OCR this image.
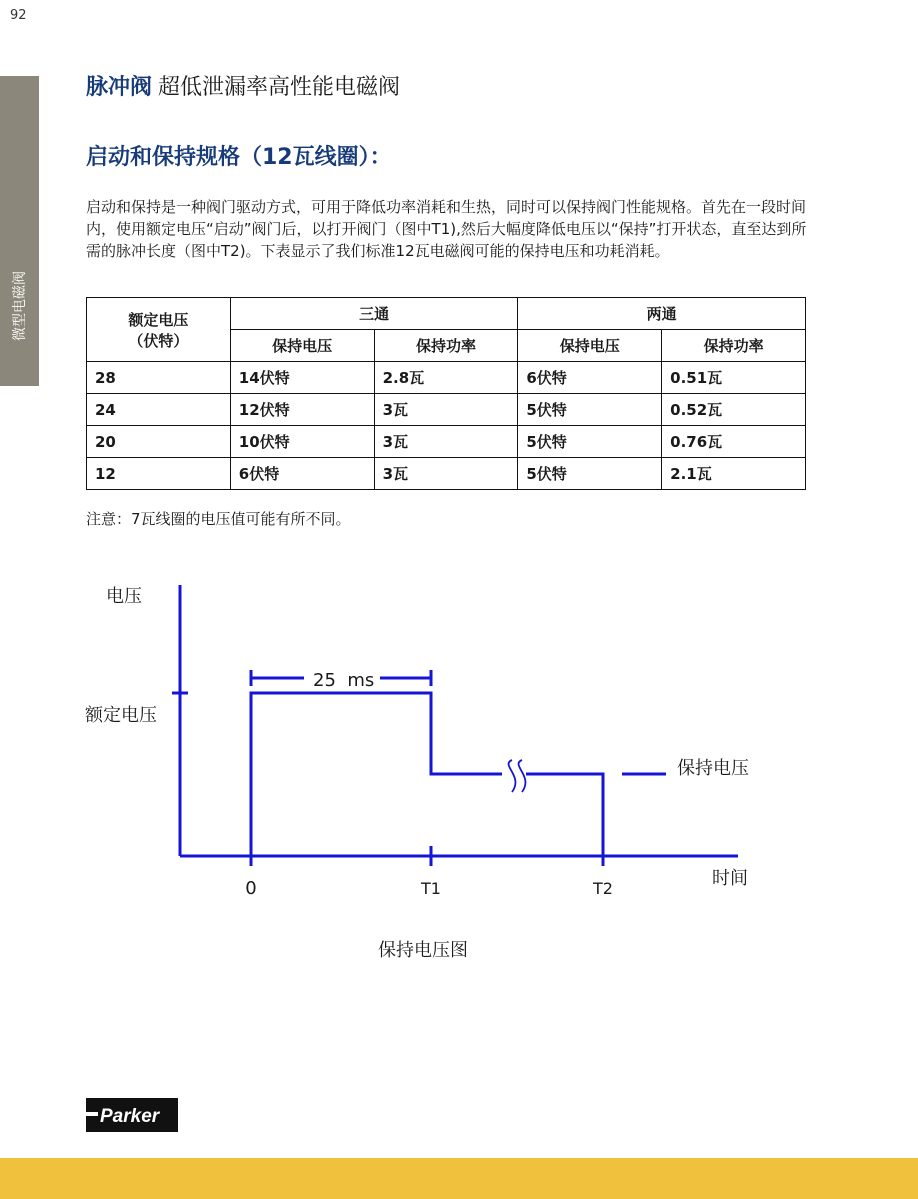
92
微型电磁阀
脉冲阀 超低泄漏率高性能电磁阀
启动和保持规格（12瓦线圈）：
启动和保持是一种阀门驱动方式，可用于降低功率消耗和生热，同时可以保持阀门性能规格。首先在一段时间内，使用额定电压“启动”阀门后，以打开阀门（图中T1),然后大幅度降低电压以“保持”打开状态，直至达到所需的脉冲长度（图中T2)。下表显示了我们标准12瓦电磁阀可能的保持电压和功耗消耗。
额定电压
（伏特）	三通		两通	
	保持电压	保持功率	保持电压	保持功率
28	14伏特	2.8瓦	6伏特	0.51瓦
24	12伏特	3瓦	5伏特	0.52瓦
20	10伏特	3瓦	5伏特	0.76瓦
12	6伏特	3瓦	5伏特	2.1瓦
注意：7瓦线圈的电压值可能有所不同。
电压
额定电压
25  ms
保持电压
时间
0	T1	T2
保持电压图
Parker
